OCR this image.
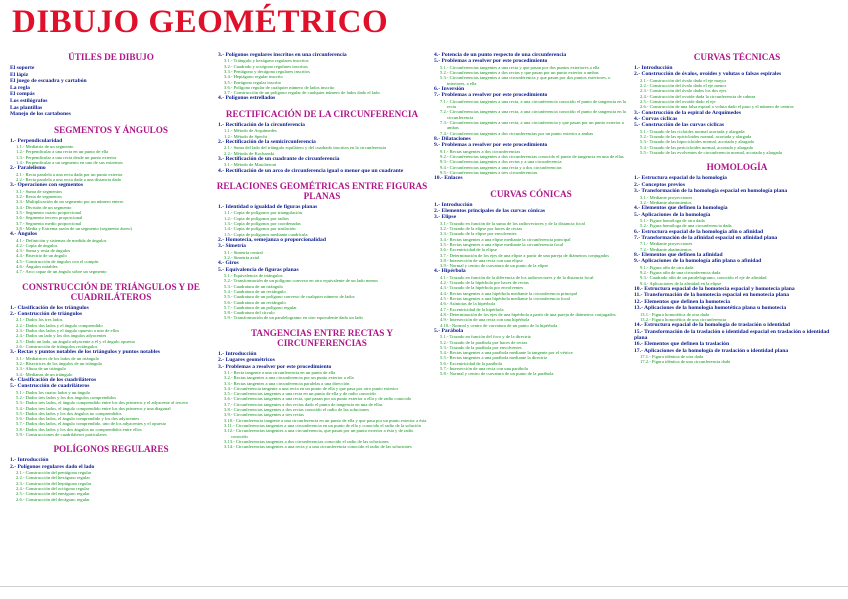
DIBUJO GEOMÉTRICO
ÚTILES DE DIBUJO
El soporte
El lápiz
El juego de escuadra y cartabón
La regla
El compás
Los estilógrafos
Las plantillas
Manejo de los cartabones
SEGMENTOS Y ÁNGULOS
1.- Perpendicularidad
1.1.- Mediatriz de un segmento
1.2.- Perpendicular a una recta en un punto de ella
1.3.- Perpendicular a una recta desde un punto exterior
1.4.- Perpendicular a un segmento en uno de sus extremos
2.- Paralelismo
2.1.- Recta paralela a una recta dada por un punto exterior
2.2.- Recta paralela a una recta dada a una distancia dada
3.- Operaciones con segmentos
3.1.- Suma de segmentos
3.2.- Resta de segmentos
3.3.- Multiplicación de un segmento por un número entero
3.4.- División de un segmento
3.5.- Segmento cuarto proporcional
3.6.- Segmento tercero proporcional
3.7.- Segmento medio proporcional
3.8.- Media y Extrema razón de un segmento (segmento áureo)
4.- Ángulos
4.1.- Definición y sistemas de medida de ángulos
4.2.- Copia de ángulos
4.3.- Suma y resta de ángulos
4.4.- Bisectriz de un ángulo
4.5.- Construcción de ángulos con el compás
4.6.- Ángulos notables
4.7.- Arco capaz de un ángulo sobre un segmento
CONSTRUCCIÓN DE TRIÁNGULOS Y DE CUADRILÁTEROS
1.- Clasificación de los triángulos
2.- Construcción de triángulos
2.1.- Dados los tres lados
2.2.- Dados dos lados y el ángulo comprendido
2.3.- Dados dos lados y el ángulo opuesto a uno de ellos
2.4.- Dados un lado y los dos ángulos adyacentes
2.5.- Dado un lado, un ángulo adyacente a él y el ángulo opuesto
2.6.- Construcción de triángulos rectángulos
3.- Rectas y puntos notables de los triángulos y puntos notables
3.1.- Mediatrices de los lados de un triángulo
3.2.- Bisectrices de los ángulos de un triángulo
3.3.- Altura de un triángulo
3.4.- Medianas de un triángulo
4.- Clasificación de los cuadriláteros
5.- Construcción de cuadriláteros
5.1.- Dados los cuatro lados y un ángulo
5.2.- Dados tres lados y los dos ángulos comprendidos
5.3.- Dados tres lados, el ángulo comprendido entre los dos primeros y el adyacente al tercero
5.4.- Dados tres lados, el ángulo comprendido entre los dos primeros y una diagonal
5.5.- Dados dos lados y los dos ángulos no comprendidos
5.6.- Dados dos lados, el ángulo comprendido y los dos adyacentes
5.7.- Dados dos lados, el ángulo comprendido, uno de los adyacentes y el opuesto
5.8.- Dados dos lados y los dos ángulos no comprendidos entre ellos
5.9.- Construcciones de cuadriláteros particulares
POLÍGONOS REGULARES
1.- Introducción
2.- Polígonos regulares dado el lado
2.1.- Construcción del pentágono regular
2.2.- Construcción del hexágono regular
2.3.- Construcción del heptágono regular
2.4.- Construcción del octógono regular
2.5.- Construcción del eneágono regular
2.6.- Construcción del decágono regular
3.- Polígonos regulares inscritos en una circunferencia
3.1.- Triángulo y hexágono regulares inscritos
3.2.- Cuadrado y octógono regulares inscritos
3.3.- Pentágono y decágono regulares inscritos
3.4.- Heptágono regular inscrito
3.5.- Eneágono regular inscrito
3.6.- Polígono regular de cualquier número de lados inscrito
3.7.- Construcción de un polígono regular de cualquier número de lados dado el lado
4.- Polígonos estrellados
RECTIFICACIÓN DE LA CIRCUNFERENCIA
1.- Rectificación de la circunferencia
1.1.- Método de Arquímedes
1.2.- Método de Specht
2.- Rectificación de la semicircunferencia
2.1.- Suma del lado del triángulo equilátero y del cuadrado inscritos en la circunferencia
2.2.- Método de Kochanski
3.- Rectificación de un cuadrante de circunferencia
3.1.- Método de Mascheroni
4.- Rectificación de un arco de circunferencia igual o menor que un cuadrante
RELACIONES GEOMÉTRICAS ENTRE FIGURAS PLANAS
1.- Identidad o igualdad de figuras planas
1.1.- Copia de polígonos por triangulación
1.2.- Copia de polígonos por radios
1.3.- Copia de polígonos por coordenadas
1.4.- Copia de polígonos por traslación
1.5.- Copia de polígonos mediante cuadrícula
2.- Homotecia, semejanza o proporcionalidad
3.- Simetría
3.1.- Simetría central
3.2.- Simetría axial
4.- Giros
5.- Equivalencia de figuras planas
5.1.- Equivalencia de triángulos
5.2.- Transformación de un polígono convexo en otro equivalente de un lado menos
5.3.- Cuadratura de un triángulo
5.4.- Cuadratura de un rectángulo
5.5.- Cuadratura de un polígono convexo de cualquier número de lados
5.6.- Cuadratura de un rectángulo
5.7.- Cuadratura de un polígono regular
5.8.- Cuadratura del círculo
5.9.- Transformación de un paralelogramo en otro equivalente dado un lado
TANGENCIAS ENTRE RECTAS Y CIRCUNFERENCIAS
1.- Introducción
2.- Lugares geométricos
3.- Problemas a resolver por este procedimiento
3.1.- Recta tangente a una circunferencia en un punto de ella
3.2.- Rectas tangentes a una circunferencia por un punto exterior a ella
3.3.- Rectas tangentes a una circunferencia paralelas a una dirección
3.4.- Circunferencia tangente a una recta en un punto de ella y que pasa por otro punto exterior
3.5.- Circunferencias tangentes a una recta en un punto de ella y de radio conocido
3.6.- Circunferencias tangentes a una recta, que pasan por un punto exterior a ella y de radio conocido
3.7.- Circunferencias tangentes a dos rectas dado el punto de tangencia en una de ellas
3.8.- Circunferencias tangentes a dos rectas conocido el radio de las soluciones
3.9.- Circunferencias tangentes a tres rectas
3.10.- Circunferencia tangente a una circunferencia en un punto de ella y que pasa por un punto exterior a ésta
3.11.- Circunferencias tangentes a una circunferencia en un punto de ella y conocido el radio de la solución
3.12.- Circunferencias tangentes a una circunferencia, que pasan por un punto exterior a ésta y de radio conocido
3.13.- Circunferencias tangentes a dos circunferencias conocido el radio de las soluciones
3.14.- Circunferencias tangentes a una recta y a una circunferencia conocido el radio de las soluciones
4.- Potencia de un punto respecto de una circunferencia
5.- Problemas a resolver por este procedimiento
5.1.- Circunferencias tangentes a una recta y que pasan por dos puntos exteriores a ella
5.2.- Circunferencias tangentes a dos rectas y que pasan por un punto exterior a ambas
5.3.- Circunferencias tangentes a una circunferencia y que pasan por dos puntos exteriores, o interiores, a ella
6.- Inversión
7.- Problemas a resolver por este procedimiento
7.1.- Circunferencias tangentes a una recta, a una circunferencia conocido el punto de tangencia en la recta
7.2.- Circunferencias tangentes a una recta, a una circunferencia conocido el punto de tangencia en la circunferencia
7.3.- Circunferencias tangentes a una recta, a una circunferencia y que pasan por un punto exterior a ambas
7.4.- Circunferencias tangentes a dos circunferencias por un punto exterior a ambas
8.- Dilataciones
9.- Problemas a resolver por este procedimiento
9.1.- Rectas tangentes a dos circunferencias
9.2.- Circunferencias tangentes a dos circunferencias conocido el punto de tangencia en una de ellas
9.3.- Circunferencias tangentes a dos rectas y a una circunferencia
9.4.- Circunferencias tangentes a una recta y a dos circunferencias
9.5.- Circunferencias tangentes a tres circunferencias
10.- Enlaces
CURVAS CÓNICAS
1.- Introducción
2.- Elementos principales de las curvas cónicas
3.- Elipse
3.1.- Trazado en función de la suma de los radiovectores y de la distancia focal
3.2.- Trazado de la elipse por haces de rectas
3.3.- Trazado de la elipse por envolventes
3.4.- Rectas tangentes a una elipse mediante la circunferencia principal
3.5.- Rectas tangentes a una elipse mediante la circunferencia focal
3.6.- Excentricidad de la elipse
3.7.- Determinación de los ejes de una elipse a partir de una pareja de diámetros conjugados
3.8.- Intersección de una recta con una elipse
3.9.- Normal y centro de curvatura de un punto de la elipse
4.- Hipérbola
4.1.- Trazado en función de la diferencia de los radiovectores y de la distancia focal
4.2.- Trazado de la hipérbola por haces de rectas
4.3.- Trazado de la hipérbola por envolventes
4.4.- Rectas tangentes a una hipérbola mediante la circunferencia principal
4.5.- Rectas tangentes a una hipérbola mediante la circunferencia focal
4.6.- Asíntotas de la hipérbola
4.7.- Excentricidad de la hipérbola
4.8.- Determinación de los ejes de una hipérbola a partir de una pareja de diámetros conjugados
4.9.- Intersección de una recta con una hipérbola
4.10.- Normal y centro de curvatura de un punto de la hipérbola
5.- Parábola
5.1.- Trazado en función del foco y de la directriz
5.2.- Trazado de la parábola por haces de rectas
5.3.- Trazado de la parábola por envolventes
5.4.- Rectas tangentes a una parábola mediante la tangente por el vértice
5.5.- Rectas tangentes a una parábola mediante la directriz
5.6.- Excentricidad de la parábola
5.7.- Intersección de una recta con una parábola
5.8.- Normal y centro de curvatura de un punto de la parábola
CURVAS TÉCNICAS
1.- Introducción
2.- Construcción de óvalos, ovoides y volutas o falsas espirales
2.1.- Construcción del óvalo dado el eje mayor
2.2.- Construcción del óvalo dado el eje menor
2.3.- Construcción del óvalo dados los dos ejes
2.4.- Construcción del ovoide dada la circunferencia de cabeza
2.5.- Construcción del ovoide dado el eje
2.6.- Construcción de una falsa espiral o voluta dado el paso y el número de centros
3.- Construcción de la espiral de Arquímedes
4.- Curvas cíclicas
5.- Construcción de las curvas cíclicas
5.1.- Trazado de las cicloides normal acortada y alargada
5.2.- Trazado de las epicicloides normal, acortada y alargada
5.3.- Trazado de las hipocicloides normal, acortada y alargada
5.4.- Trazado de las pericicloides normal, acortada y alargada
5.5.- Trazado de las evolventes de circunferencia normal, acortada y alargada
HOMOLOGÍA
1.- Estructura espacial de la homología
2.- Conceptos previos
3.- Transformación de la homología espacial en homología plana
3.1.- Mediante proyecciones
3.2.- Mediante abatimientos
4.- Elementos que definen la homología
5.- Aplicaciones de la homología
5.1.- Figura homóloga de otra dada
5.2.- Figura homóloga de una circunferencia dada
6.- Estructura espacial de la homología afín o afinidad
7.- Transformación de la afinidad espacial en afinidad plana
7.1.- Mediante proyecciones
7.2.- Mediante abatimientos
8.- Elementos que definen la afinidad
9.- Aplicaciones de la homología afín plana o afinidad
9.1.- Figura afín de otra dada
9.2.- Figura afín de una circunferencia dada
9.3.- Cuadrado afín de un paralelogramo, conocido el eje de afinidad
9.4.- Aplicaciones de la afinidad en la elipse
10.- Estructura espacial de la homotecia espacial y homotecia plana
11.- Transformación de la homotecia espacial en homotecia plana
12.- Elementos que definen la homotecia
13.- Aplicaciones de la homología homotética plana u homotecia
13.1.- Figura homotética de otra dada
13.2.- Figura homotética de una circunferencia
14.- Estructura espacial de la homología de traslación o identidad
15.- Transformación de la traslación o identidad espacial en traslación o identidad plana
16.- Elementos que definen la traslación
17.- Aplicaciones de la homología de traslación o identidad plana
17.1.- Figura idéntica de otra dada
17.2.- Figura idéntica de una circunferencia dada
